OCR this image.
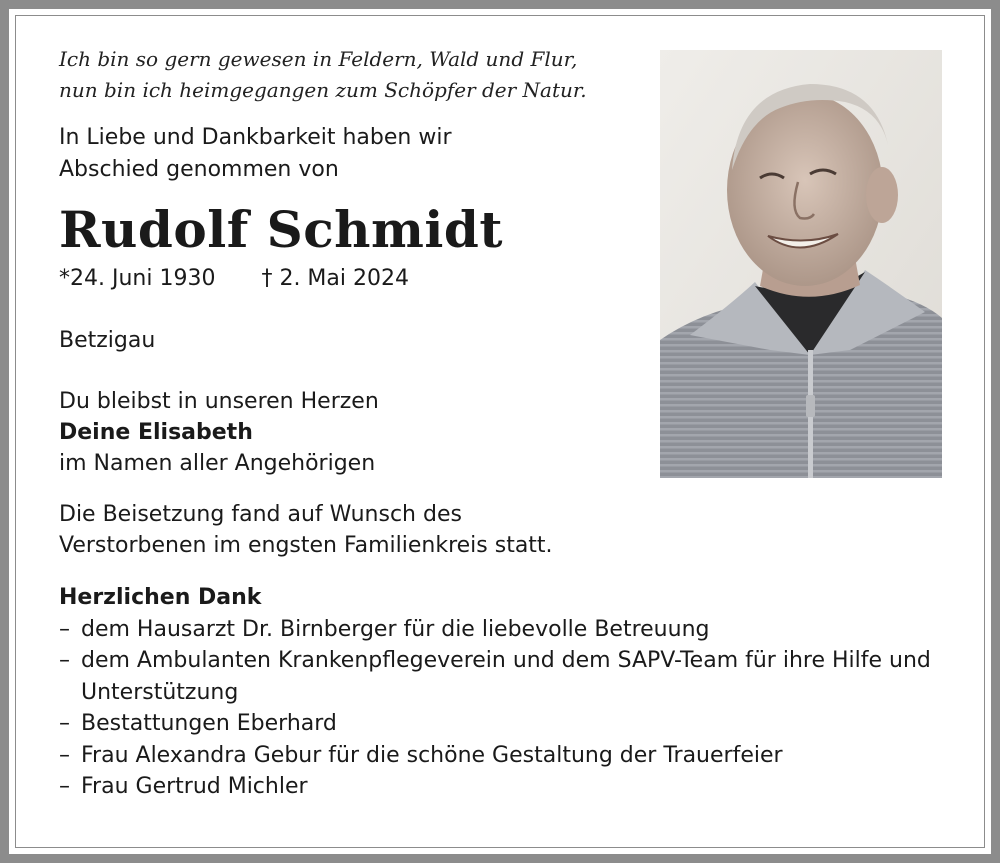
Ich bin so gern gewesen in Feldern, Wald und Flur,
nun bin ich heimgegangen zum Schöpfer der Natur.
In Liebe und Dankbarkeit haben wir
Abschied genommen von
Rudolf Schmidt
*24. Juni 1930 † 2. Mai 2024
Betzigau
Du bleibst in unseren Herzen
Deine Elisabeth
im Namen aller Angehörigen
Die Beisetzung fand auf Wunsch des
Verstorbenen im engsten Familienkreis statt.
Herzlichen Dank
– dem Hausarzt Dr. Birnberger für die liebevolle Betreuung
– dem Ambulanten Krankenpflegeverein und dem SAPV-Team für ihre Hilfe und Unterstützung
– Bestattungen Eberhard
– Frau Alexandra Gebur für die schöne Gestaltung der Trauerfeier
– Frau Gertrud Michler
